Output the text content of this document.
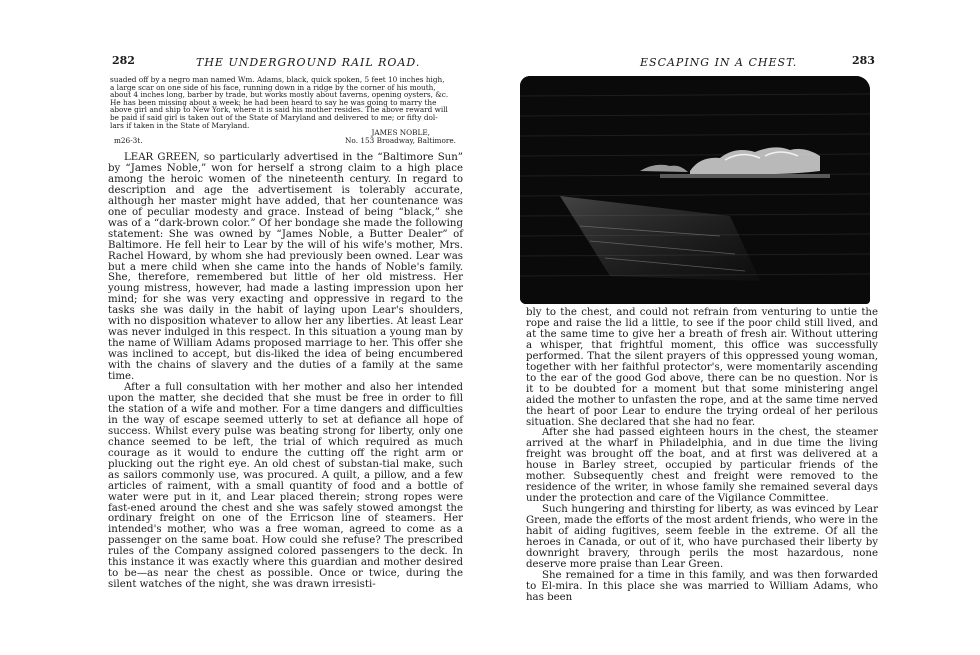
282	THE UNDERGROUND RAIL ROAD.
suaded off by a negro man named Wm. Adams, black, quick spoken, 5 feet 10 inches high,
a large scar on one side of his face, running down in a ridge by the corner of his mouth,
about 4 inches long, barber by trade, but works mostly about taverns, opening oysters, &c.
He has been missing about a week; he had been heard to say he was going to marry the
above girl and ship to New York, where it is said his mother resides. The above reward will
be paid if said girl is taken out of the State of Maryland and delivered to me; or fifty dol-
lars if taken in the State of Maryland.
JAMES NOBLE,
m26-3t.	No. 153 Broadway, Baltimore.

LEAR GREEN, so particularly advertised in the “Baltimore Sun” by “James Noble,” won for herself a strong claim to a high place among the heroic women of the nineteenth century. In regard to description and age the advertisement is tolerably accurate, although her master might have added, that her countenance was one of peculiar modesty and grace. Instead of being “black,” she was of a “dark-brown color.” Of her bondage she made the following statement: She was owned by “James Noble, a Butter Dealer” of Baltimore. He fell heir to Lear by the will of his wife's mother, Mrs. Rachel Howard, by whom she had previously been owned. Lear was but a mere child when she came into the hands of Noble's family. She, therefore, remembered but little of her old mistress. Her young mistress, however, had made a lasting impression upon her mind; for she was very exacting and oppressive in regard to the tasks she was daily in the habit of laying upon Lear's shoulders, with no disposition whatever to allow her any liberties. At least Lear was never indulged in this respect. In this situation a young man by the name of William Adams proposed marriage to her. This offer she was inclined to accept, but dis-liked the idea of being encumbered with the chains of slavery and the duties of a family at the same time.

After a full consultation with her mother and also her intended upon the matter, she decided that she must be free in order to fill the station of a wife and mother. For a time dangers and difficulties in the way of escape seemed utterly to set at defiance all hope of success. Whilst every pulse was beating strong for liberty, only one chance seemed to be left, the trial of which required as much courage as it would to endure the cutting off the right arm or plucking out the right eye. An old chest of substan-tial make, such as sailors commonly use, was procured. A quilt, a pillow, and a few articles of raiment, with a small quantity of food and a bottle of water were put in it, and Lear placed therein; strong ropes were fast-ened around the chest and she was safely stowed amongst the ordinary freight on one of the Erricson line of steamers. Her intended's mother, who was a free woman, agreed to come as a passenger on the same boat. How could she refuse? The prescribed rules of the Company assigned colored passengers to the deck. In this instance it was exactly where this guardian and mother desired to be—as near the chest as possible. Once or twice, during the silent watches of the night, she was drawn irresisti-

ESCAPING IN A CHEST.	283

bly to the chest, and could not refrain from venturing to untie the rope and raise the lid a little, to see if the poor child still lived, and at the same time to give her a breath of fresh air. Without uttering a whisper, that frightful moment, this office was successfully performed. That the silent prayers of this oppressed young woman, together with her faithful protector's, were momentarily ascending to the ear of the good God above, there can be no question. Nor is it to be doubted for a moment but that some ministering angel aided the mother to unfasten the rope, and at the same time nerved the heart of poor Lear to endure the trying ordeal of her perilous situation. She declared that she had no fear.

After she had passed eighteen hours in the chest, the steamer arrived at the wharf in Philadelphia, and in due time the living freight was brought off the boat, and at first was delivered at a house in Barley street, occupied by particular friends of the mother. Subsequently chest and freight were removed to the residence of the writer, in whose family she remained several days under the protection and care of the Vigilance Committee.

Such hungering and thirsting for liberty, as was evinced by Lear Green, made the efforts of the most ardent friends, who were in the habit of aiding fugitives, seem feeble in the extreme. Of all the heroes in Canada, or out of it, who have purchased their liberty by downright bravery, through perils the most hazardous, none deserve more praise than Lear Green.

She remained for a time in this family, and was then forwarded to El-mira. In this place she was married to William Adams, who has been
